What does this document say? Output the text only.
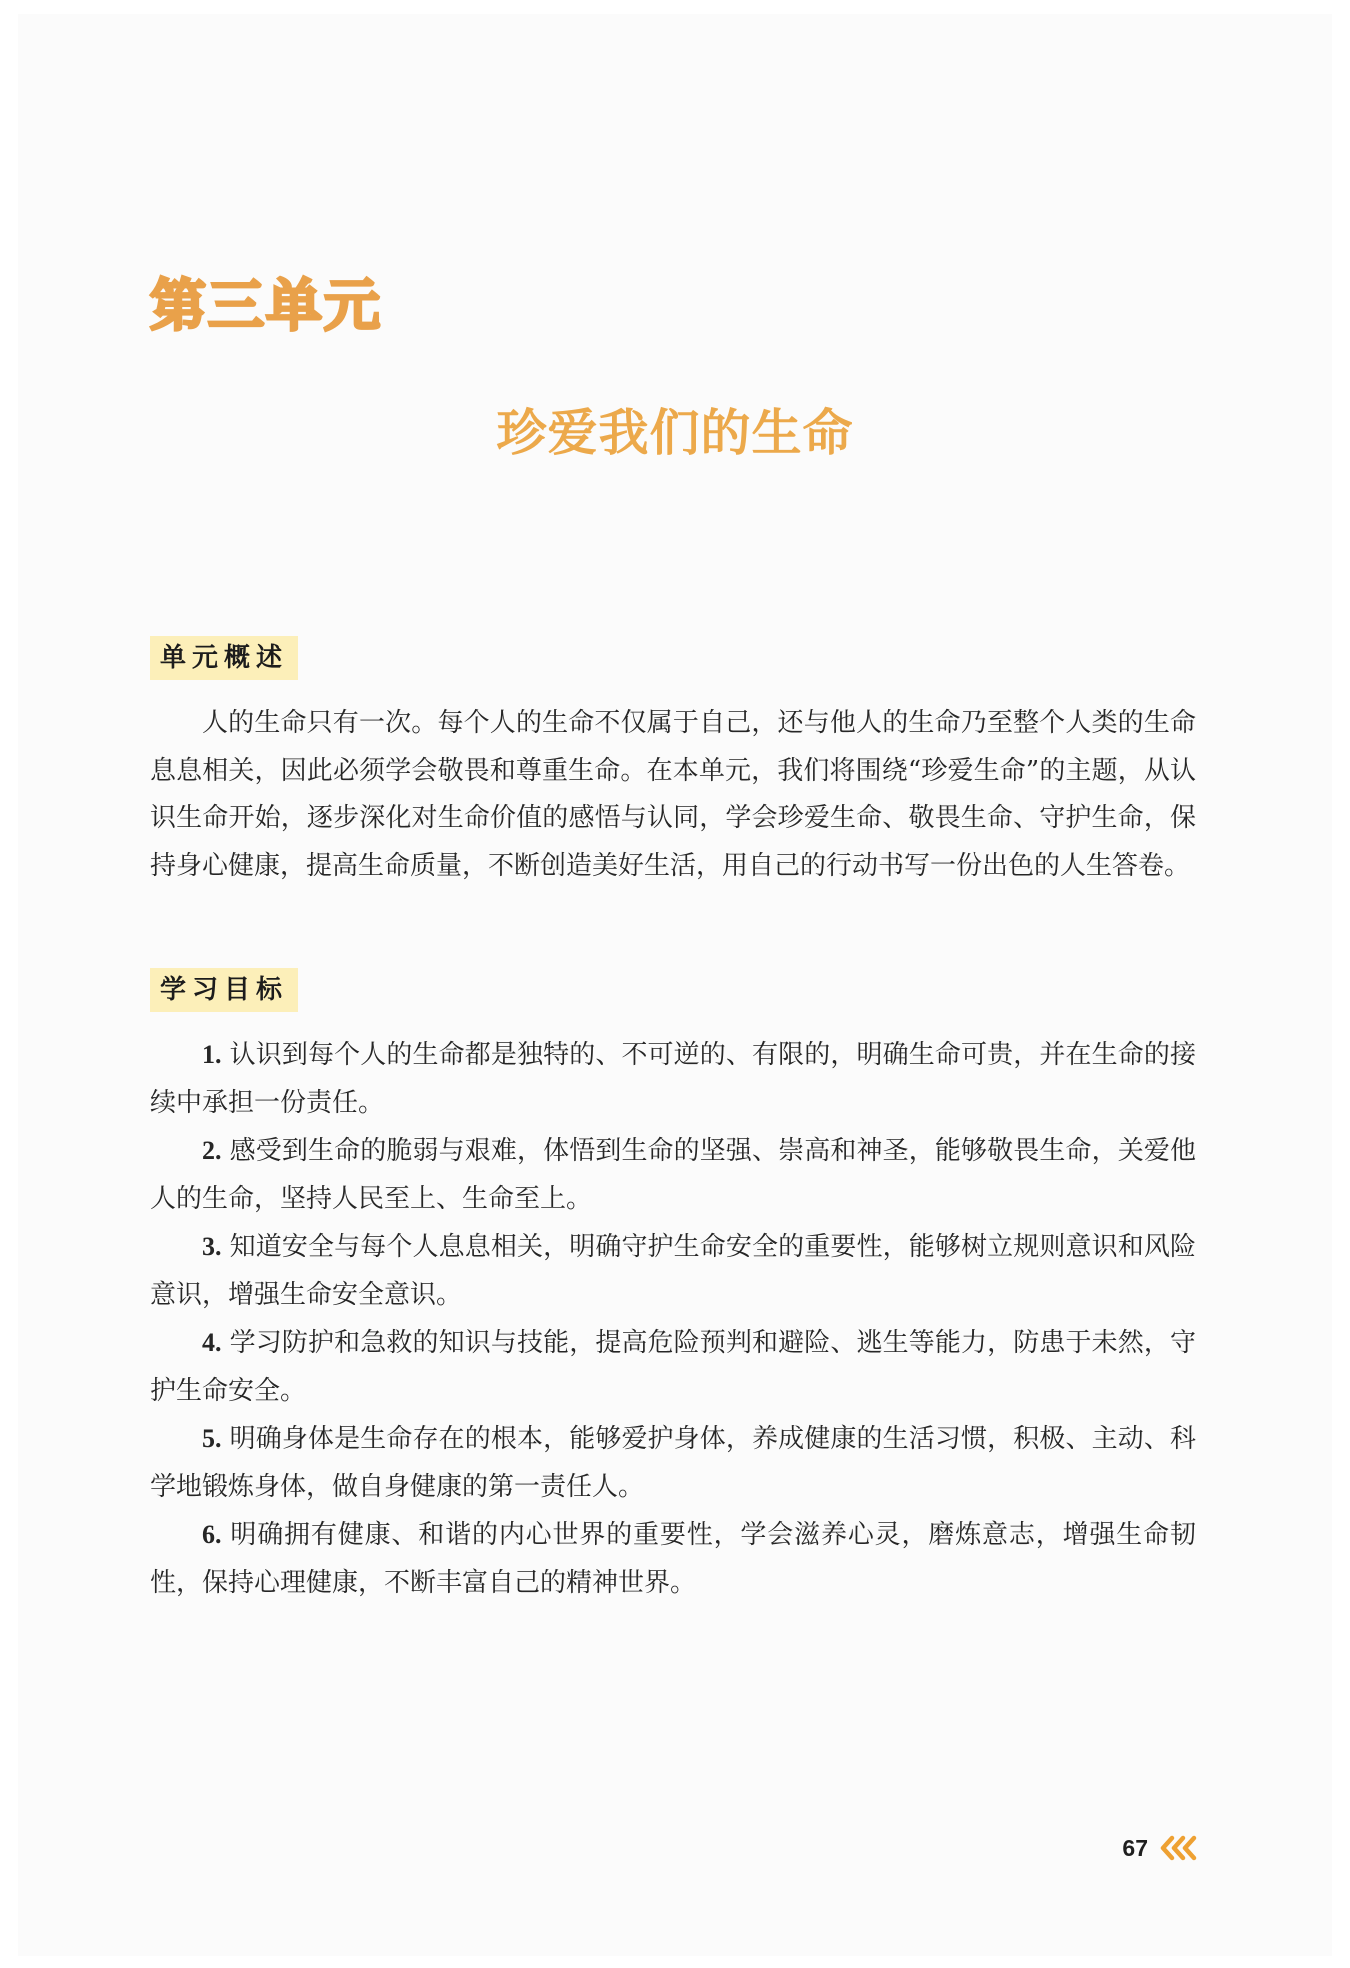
第三单元
珍爱我们的生命
单元概述

人的生命只有一次。每个人的生命不仅属于自己，还与他人的生命乃至整个人类的生命息息相关，因此必须学会敬畏和尊重生命。在本单元，我们将围绕“珍爱生命”的主题，从认识生命开始，逐步深化对生命价值的感悟与认同，学会珍爱生命、敬畏生命、守护生命，保持身心健康，提高生命质量，不断创造美好生活，用自己的行动书写一份出色的人生答卷。

学习目标
1. 认识到每个人的生命都是独特的、不可逆的、有限的，明确生命可贵，并在生命的接续中承担一份责任。
2. 感受到生命的脆弱与艰难，体悟到生命的坚强、崇高和神圣，能够敬畏生命，关爱他人的生命，坚持人民至上、生命至上。
3. 知道安全与每个人息息相关，明确守护生命安全的重要性，能够树立规则意识和风险意识，增强生命安全意识。
4. 学习防护和急救的知识与技能，提高危险预判和避险、逃生等能力，防患于未然，守护生命安全。
5. 明确身体是生命存在的根本，能够爱护身体，养成健康的生活习惯，积极、主动、科学地锻炼身体，做自身健康的第一责任人。
6. 明确拥有健康、和谐的内心世界的重要性，学会滋养心灵，磨炼意志，增强生命韧性，保持心理健康，不断丰富自己的精神世界。
67
